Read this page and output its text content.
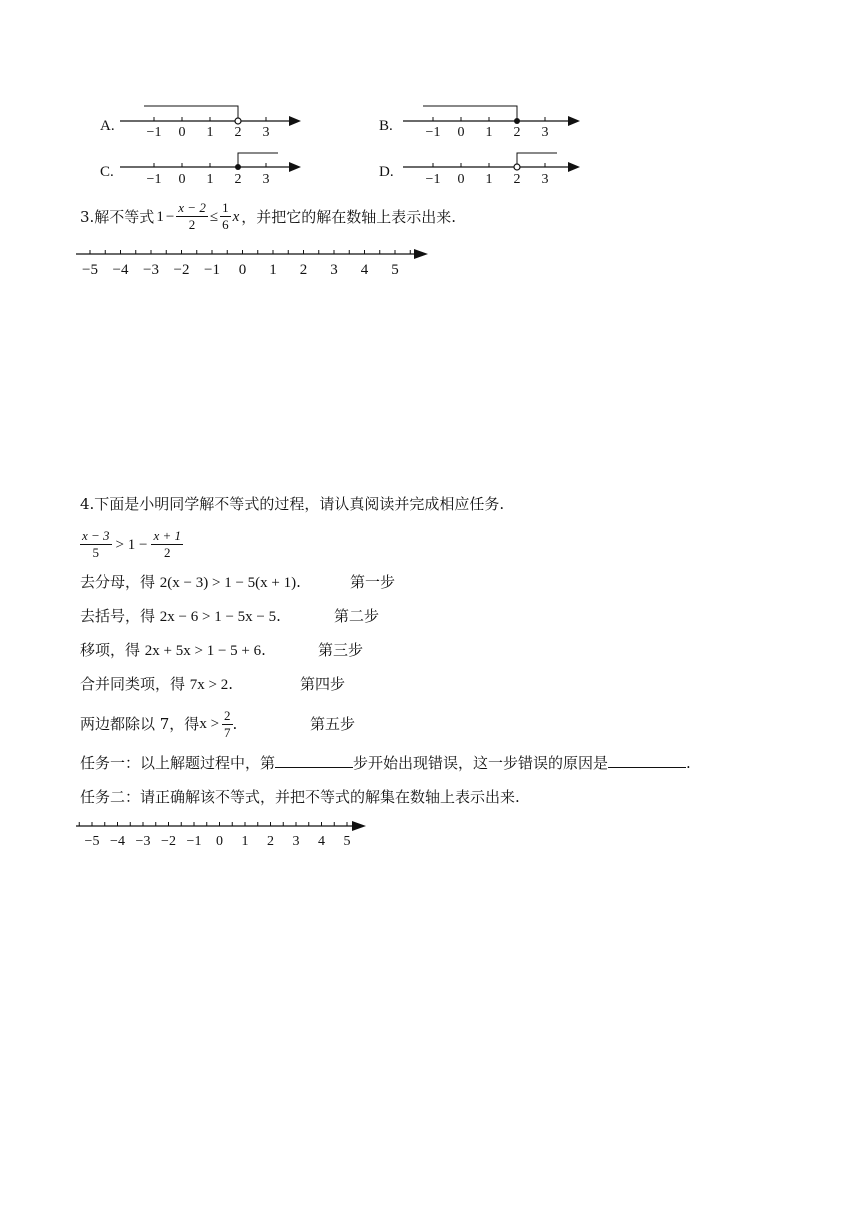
A. −1 0 1 2 3	B. −1 0 1 2 3
C. −1 0 1 2 3	D. −1 0 1 2 3
3.解不等式 $1 - \frac{x - 2}{2} \le \frac{1}{6}$ x ，并把它的解在数轴上表示出来.
−5 −4 −3 −2 −1 0 1 2 3 4 5
4.下面是小明同学解不等式的过程，请认真阅读并完成相应任务.
$\frac{x - 3}{5} > 1 - \frac{x + 1}{2}$
去分母，得 2(x − 3) > 1 − 5(x + 1).	第一步
去括号，得 2x − 6 > 1 − 5x − 5.	第二步
移项，得 2x + 5x > 1 − 5 + 6.	第三步
合并同类项，得 7x > 2.	第四步
两边都除以 7，得 $x > \frac{2}{7}$ .	第五步
任务一：以上解题过程中，第	步开始出现错误，这一步错误的原因是	.
任务二：请正确解该不等式，并把不等式的解集在数轴上表示出来.
−5 −4 −3 −2 −1 0 1 2 3 4 5
